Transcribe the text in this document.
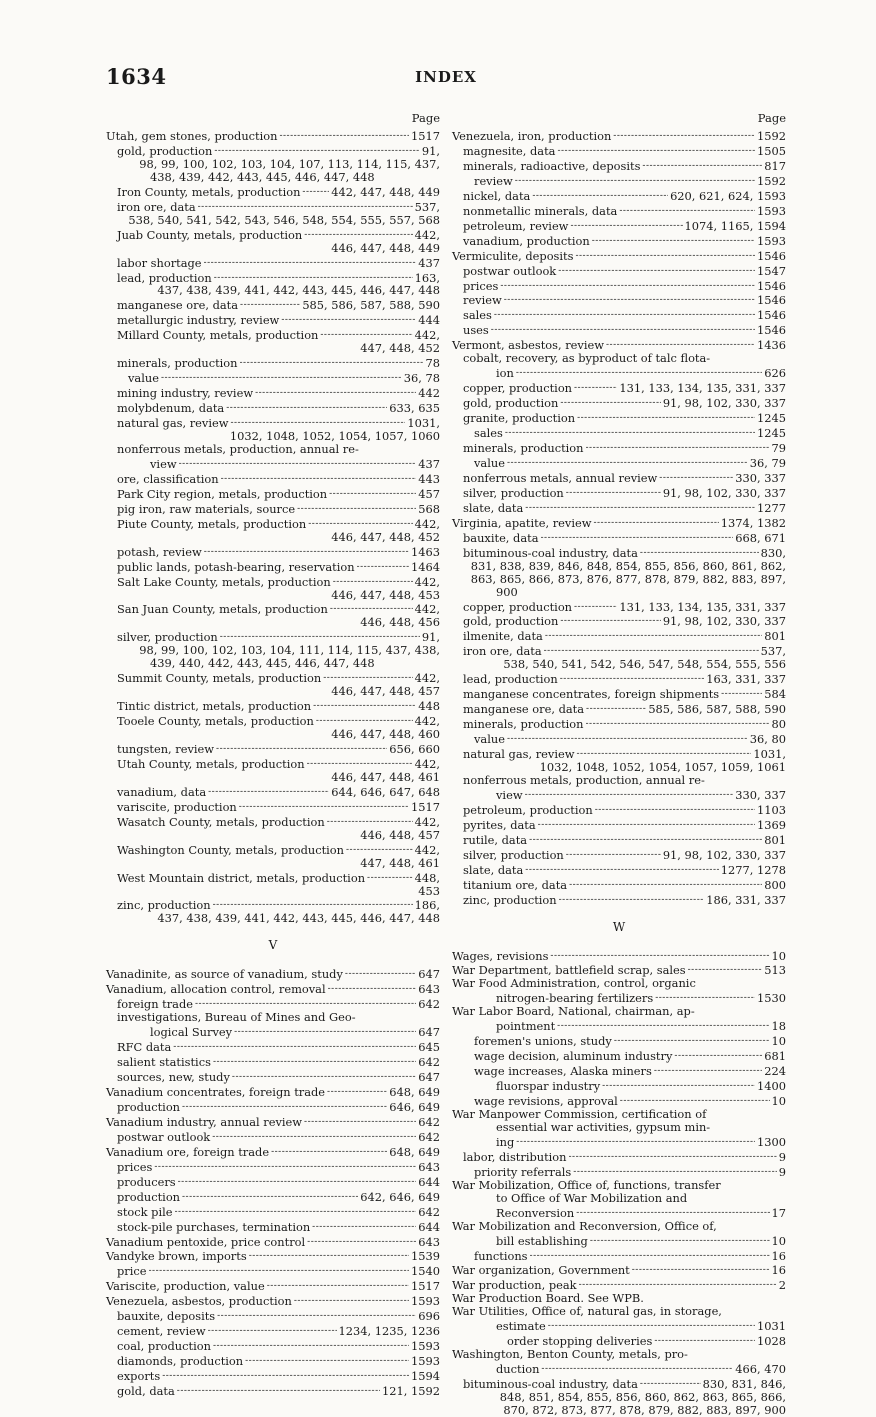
1634	INDEX
Page
Utah, gem stones, production -----	1517
gold, production -----	91,
98, 99, 100, 102, 103, 104, 107, 113, 114, 115, 437,
438, 439, 442, 443, 445, 446, 447, 448
Iron County, metals, production -----	442, 447, 448, 449
iron ore, data -----	537,
538, 540, 541, 542, 543, 546, 548, 554, 555, 557, 568
Juab County, metals, production -----	442,
446, 447, 448, 449
labor shortage -----	437
lead, production -----	163,
437, 438, 439, 441, 442, 443, 445, 446, 447, 448
manganese ore, data -----	585, 586, 587, 588, 590
metallurgic industry, review -----	444
Millard County, metals, production -----	442,
447, 448, 452
minerals, production -----	78
value -----	36, 78
mining industry, review -----	442
molybdenum, data -----	633, 635
natural gas, review -----	1031,
1032, 1048, 1052, 1054, 1057, 1060
nonferrous metals, production, annual re-
view -----	437
ore, classification -----	443
Park City region, metals, production -----	457
pig iron, raw materials, source -----	568
Piute County, metals, production -----	442,
446, 447, 448, 452
potash, review -----	1463
public lands, potash-bearing, reservation -----	1464
Salt Lake County, metals, production -----	442,
446, 447, 448, 453
San Juan County, metals, production -----	442,
446, 448, 456
silver, production -----	91,
98, 99, 100, 102, 103, 104, 111, 114, 115, 437, 438,
439, 440, 442, 443, 445, 446, 447, 448
Summit County, metals, production -----	442,
446, 447, 448, 457
Tintic district, metals, production -----	448
Tooele County, metals, production -----	442,
446, 447, 448, 460
tungsten, review -----	656, 660
Utah County, metals, production -----	442,
446, 447, 448, 461
vanadium, data -----	644, 646, 647, 648
variscite, production -----	1517
Wasatch County, metals, production -----	442,
446, 448, 457
Washington County, metals, production -----	442,
447, 448, 461
West Mountain district, metals, production -----	448,
453
zinc, production -----	186,
437, 438, 439, 441, 442, 443, 445, 446, 447, 448
V
Vanadinite, as source of vanadium, study -----	647
Vanadium, allocation control, removal -----	643
foreign trade -----	642
investigations, Bureau of Mines and Geo-
logical Survey -----	647
RFC data -----	645
salient statistics -----	642
sources, new, study -----	647
Vanadium concentrates, foreign trade -----	648, 649
production -----	646, 649
Vanadium industry, annual review -----	642
postwar outlook -----	642
Vanadium ore, foreign trade -----	648, 649
prices -----	643
producers -----	644
production -----	642, 646, 649
stock pile -----	642
stock-pile purchases, termination -----	644
Vanadium pentoxide, price control -----	643
Vandyke brown, imports -----	1539
price -----	1540
Variscite, production, value -----	1517
Venezuela, asbestos, production -----	1593
bauxite, deposits -----	696
cement, review -----	1234, 1235, 1236
coal, production -----	1593
diamonds, production -----	1593
exports -----	1594
gold, data -----	121, 1592
Page
Venezuela, iron, production -----	1592
magnesite, data -----	1505
minerals, radioactive, deposits -----	817
review -----	1592
nickel, data -----	620, 621, 624, 1593
nonmetallic minerals, data -----	1593
petroleum, review -----	1074, 1165, 1594
vanadium, production -----	1593
Vermiculite, deposits -----	1546
postwar outlook -----	1547
prices -----	1546
review -----	1546
sales -----	1546
uses -----	1546
Vermont, asbestos, review -----	1436
cobalt, recovery, as byproduct of talc flota-
ion -----	626
copper, production -----	131, 133, 134, 135, 331, 337
gold, production -----	91, 98, 102, 330, 337
granite, production -----	1245
sales -----	1245
minerals, production -----	79
value -----	36, 79
nonferrous metals, annual review -----	330, 337
silver, production -----	91, 98, 102, 330, 337
slate, data -----	1277
Virginia, apatite, review -----	1374, 1382
bauxite, data -----	668, 671
bituminous-coal industry, data -----	830,
831, 838, 839, 846, 848, 854, 855, 856, 860, 861, 862,
863, 865, 866, 873, 876, 877, 878, 879, 882, 883, 897,
900
copper, production -----	131, 133, 134, 135, 331, 337
gold, production -----	91, 98, 102, 330, 337
ilmenite, data -----	801
iron ore, data -----	537,
538, 540, 541, 542, 546, 547, 548, 554, 555, 556
lead, production -----	163, 331, 337
manganese concentrates, foreign shipments -----	584
manganese ore, data -----	585, 586, 587, 588, 590
minerals, production -----	80
value -----	36, 80
natural gas, review -----	1031,
1032, 1048, 1052, 1054, 1057, 1059, 1061
nonferrous metals, production, annual re-
view -----	330, 337
petroleum, production -----	1103
pyrites, data -----	1369
rutile, data -----	801
silver, production -----	91, 98, 102, 330, 337
slate, data -----	1277, 1278
titanium ore, data -----	800
zinc, production -----	186, 331, 337
W
Wages, revisions -----	10
War Department, battlefield scrap, sales -----	513
War Food Administration, control, organic
nitrogen-bearing fertilizers -----	1530
War Labor Board, National, chairman, ap-
pointment -----	18
foremen's unions, study -----	10
wage decision, aluminum industry -----	681
wage increases, Alaska miners -----	224
fluorspar industry -----	1400
wage revisions, approval -----	10
War Manpower Commission, certification of
essential war activities, gypsum min-
ing -----	1300
labor, distribution -----	9
priority referrals -----	9
War Mobilization, Office of, functions, transfer
to Office of War Mobilization and
Reconversion -----	17
War Mobilization and Reconversion, Office of,
bill establishing -----	10
functions -----	16
War organization, Government -----	16
War production, peak -----	2
War Production Board. See WPB.
War Utilities, Office of, natural gas, in storage,
estimate -----	1031
order stopping deliveries -----	1028
Washington, Benton County, metals, pro-
duction -----	466, 470
bituminous-coal industry, data -----	830, 831, 846,
848, 851, 854, 855, 856, 860, 862, 863, 865, 866,
870, 872, 873, 877, 878, 879, 882, 883, 897, 900
